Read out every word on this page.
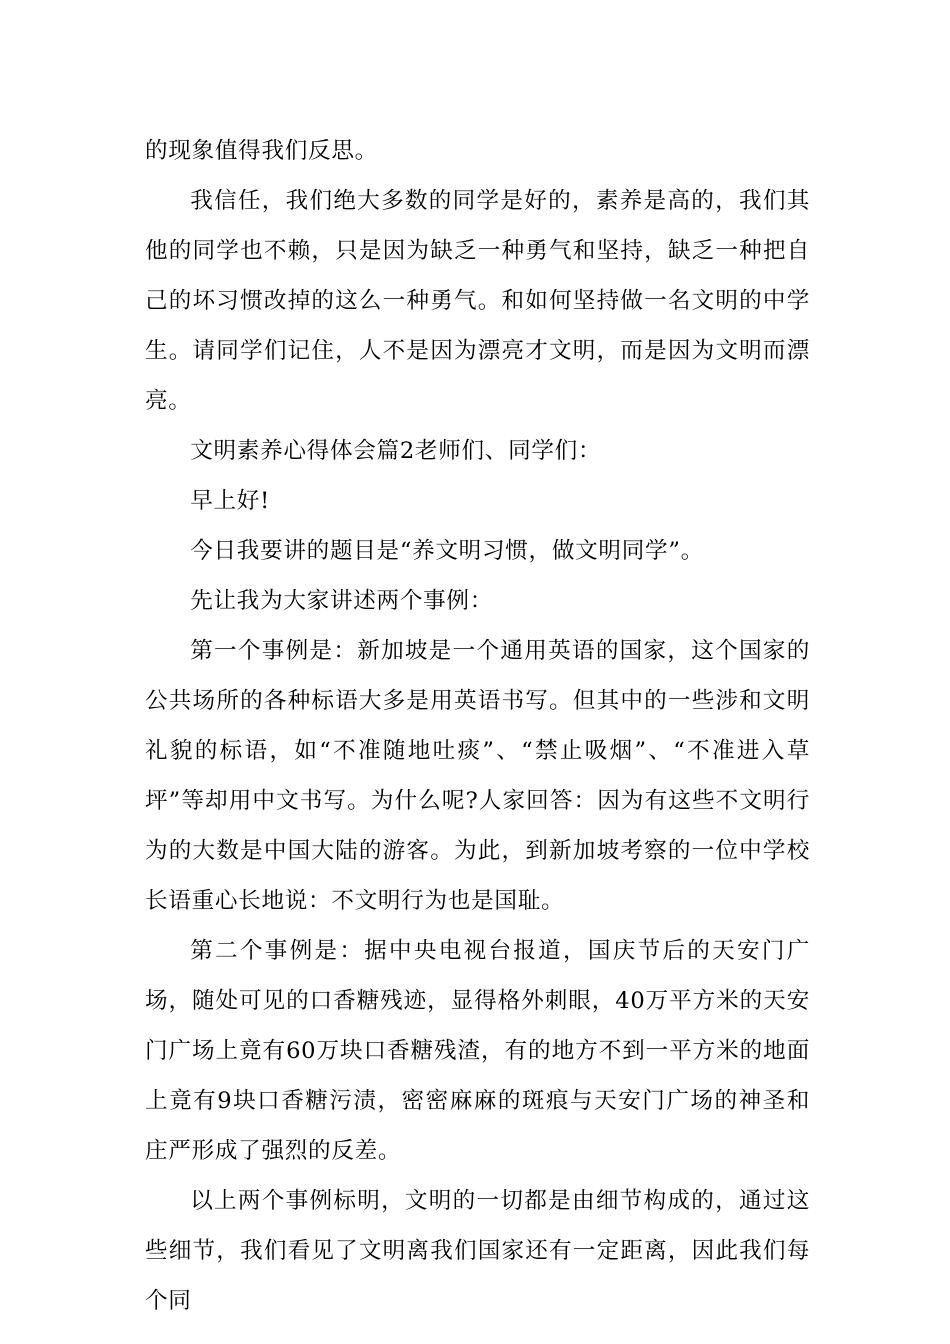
的现象值得我们反思。

我信任，我们绝大多数的同学是好的，素养是高的，我们其他的同学也不赖，只是因为缺乏一种勇气和坚持，缺乏一种把自己的坏习惯改掉的这么一种勇气。和如何坚持做一名文明的中学生。请同学们记住，人不是因为漂亮才文明，而是因为文明而漂亮。

文明素养心得体会篇2老师们、同学们：

早上好!

今日我要讲的题目是“养文明习惯，做文明同学”。

先让我为大家讲述两个事例：

第一个事例是：新加坡是一个通用英语的国家，这个国家的公共场所的各种标语大多是用英语书写。但其中的一些涉和文明礼貌的标语，如“不准随地吐痰”、“禁止吸烟”、“不准进入草坪”等却用中文书写。为什么呢?人家回答：因为有这些不文明行为的大数是中国大陆的游客。为此，到新加坡考察的一位中学校长语重心长地说：不文明行为也是国耻。

第二个事例是：据中央电视台报道，国庆节后的天安门广场，随处可见的口香糖残迹，显得格外刺眼，40万平方米的天安门广场上竟有60万块口香糖残渣，有的地方不到一平方米的地面上竟有9块口香糖污渍，密密麻麻的斑痕与天安门广场的神圣和庄严形成了强烈的反差。

以上两个事例标明，文明的一切都是由细节构成的，通过这些细节，我们看见了文明离我们国家还有一定距离，因此我们每个同
